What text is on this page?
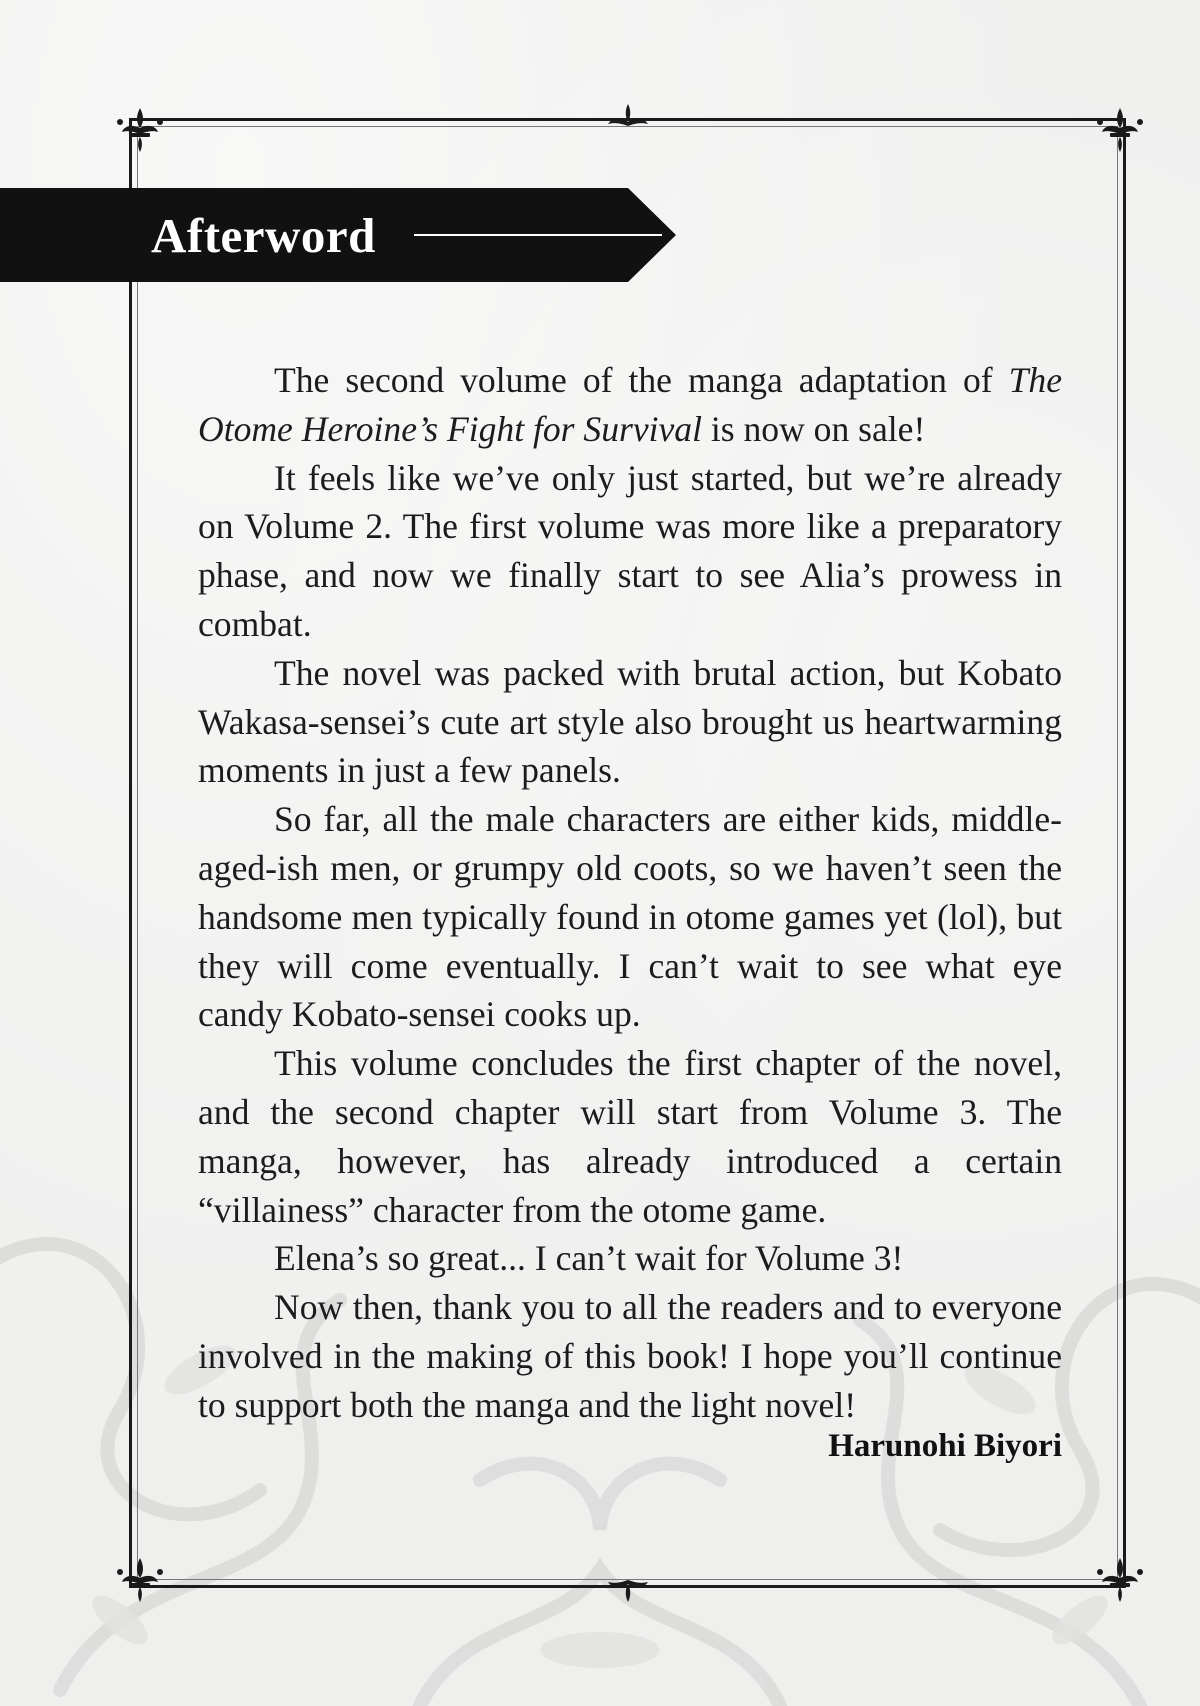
Afterword

The second volume of the manga adaptation of The Otome Heroine’s Fight for Survival is now on sale!

It feels like we’ve only just started, but we’re already on Volume 2. The first volume was more like a preparatory phase, and now we finally start to see Alia’s prowess in combat.

The novel was packed with brutal action, but Kobato Wakasa-sensei’s cute art style also brought us heartwarming moments in just a few panels.

So far, all the male characters are either kids, middle-aged-ish men, or grumpy old coots, so we haven’t seen the handsome men typically found in otome games yet (lol), but they will come eventually. I can’t wait to see what eye candy Kobato-sensei cooks up.

This volume concludes the first chapter of the novel, and the second chapter will start from Volume 3. The manga, however, has already introduced a certain “villainess” character from the otome game.

Elena’s so great... I can’t wait for Volume 3!

Now then, thank you to all the readers and to everyone involved in the making of this book! I hope you’ll continue to support both the manga and the light novel!

Harunohi Biyori
